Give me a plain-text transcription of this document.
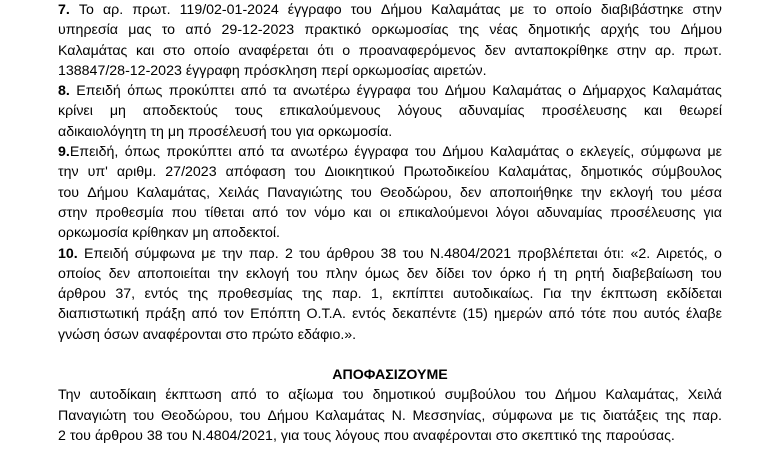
7. Το αρ. πρωτ. 119/02-01-2024 έγγραφο του Δήμου Καλαμάτας με το οποίο διαβιβάστηκε στην
υπηρεσία μας το από 29-12-2023 πρακτικό ορκωμοσίας της νέας δημοτικής αρχής του Δήμου
Καλαμάτας και στο οποίο αναφέρεται ότι ο προαναφερόμενος δεν ανταποκρίθηκε στην αρ. πρωτ.
138847/28-12-2023 έγγραφη πρόσκληση περί ορκωμοσίας αιρετών.
8. Επειδή όπως προκύπτει από τα ανωτέρω έγγραφα του Δήμου Καλαμάτας ο Δήμαρχος Καλαμάτας
κρίνει μη αποδεκτούς τους επικαλούμενους λόγους αδυναμίας προσέλευσης και θεωρεί
αδικαιολόγητη τη μη προσέλευσή του για ορκωμοσία.
9.Επειδή, όπως προκύπτει από τα ανωτέρω έγγραφα του Δήμου Καλαμάτας ο εκλεγείς, σύμφωνα με
την υπ' αριθμ. 27/2023 απόφαση του Διοικητικού Πρωτοδικείου Καλαμάτας, δημοτικός σύμβουλος
του Δήμου Καλαμάτας, Χειλάς Παναγιώτης του Θεοδώρου, δεν αποποιήθηκε την εκλογή του μέσα
στην προθεσμία που τίθεται από τον νόμο και οι επικαλούμενοι λόγοι αδυναμίας προσέλευσης για
ορκωμοσία κρίθηκαν μη αποδεκτοί.
10. Επειδή σύμφωνα με την παρ. 2 του άρθρου 38 του Ν.4804/2021 προβλέπεται ότι: «2. Αιρετός, ο
οποίος δεν αποποιείται την εκλογή του πλην όμως δεν δίδει τον όρκο ή τη ρητή διαβεβαίωση του
άρθρου 37, εντός της προθεσμίας της παρ. 1, εκπίπτει αυτοδικαίως. Για την έκπτωση εκδίδεται
διαπιστωτική πράξη από τον Επόπτη Ο.Τ.Α. εντός δεκαπέντε (15) ημερών από τότε που αυτός έλαβε
γνώση όσων αναφέρονται στο πρώτο εδάφιο.».
ΑΠΟΦΑΣΙΖΟΥΜΕ
Την αυτοδίκαιη έκπτωση από το αξίωμα του δημοτικού συμβούλου του Δήμου Καλαμάτας, Χειλά
Παναγιώτη του Θεοδώρου, του Δήμου Καλαμάτας Ν. Μεσσηνίας, σύμφωνα με τις διατάξεις της παρ.
2 του άρθρου 38 του Ν.4804/2021, για τους λόγους που αναφέρονται στο σκεπτικό της παρούσας.
